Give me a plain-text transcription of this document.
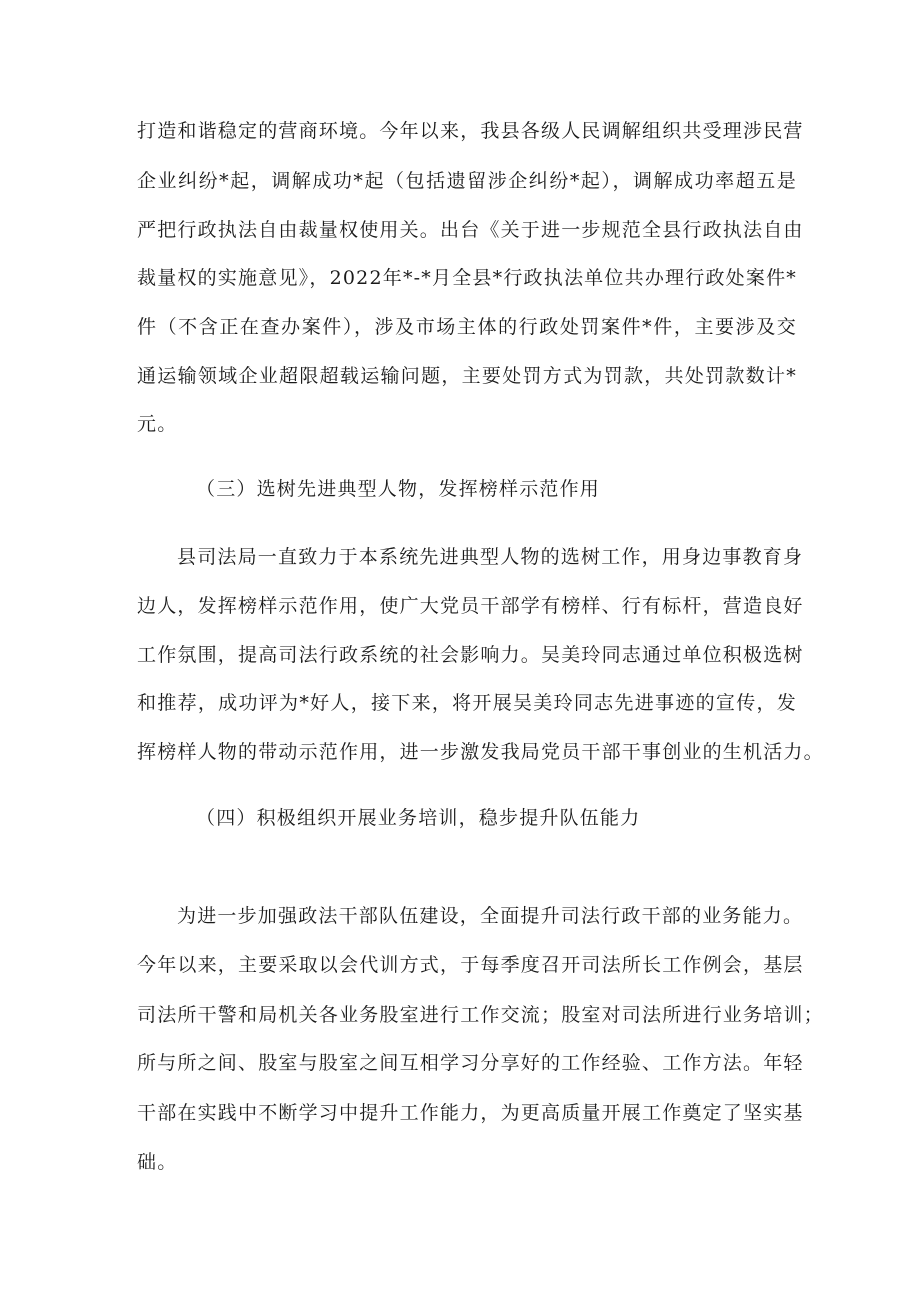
打造和谐稳定的营商环境。今年以来，我县各级人民调解组织共受理涉民营
企业纠纷*起，调解成功*起（包括遗留涉企纠纷*起），调解成功率超五是
严把行政执法自由裁量权使用关。出台《关于进一步规范全县行政执法自由
裁量权的实施意见》，2022年*-*月全县*行政执法单位共办理行政处案件*
件（不含正在查办案件），涉及市场主体的行政处罚案件*件，主要涉及交
通运输领域企业超限超载运输问题，主要处罚方式为罚款，共处罚款数计*
元。
（三）选树先进典型人物，发挥榜样示范作用
县司法局一直致力于本系统先进典型人物的选树工作，用身边事教育身
边人，发挥榜样示范作用，使广大党员干部学有榜样、行有标杆，营造良好
工作氛围，提高司法行政系统的社会影响力。吴美玲同志通过单位积极选树
和推荐，成功评为*好人，接下来，将开展吴美玲同志先进事迹的宣传，发
挥榜样人物的带动示范作用，进一步激发我局党员干部干事创业的生机活力。
（四）积极组织开展业务培训，稳步提升队伍能力
为进一步加强政法干部队伍建设，全面提升司法行政干部的业务能力。
今年以来，主要采取以会代训方式，于每季度召开司法所长工作例会，基层
司法所干警和局机关各业务股室进行工作交流；股室对司法所进行业务培训；
所与所之间、股室与股室之间互相学习分享好的工作经验、工作方法。年轻
干部在实践中不断学习中提升工作能力，为更高质量开展工作奠定了坚实基
础。
